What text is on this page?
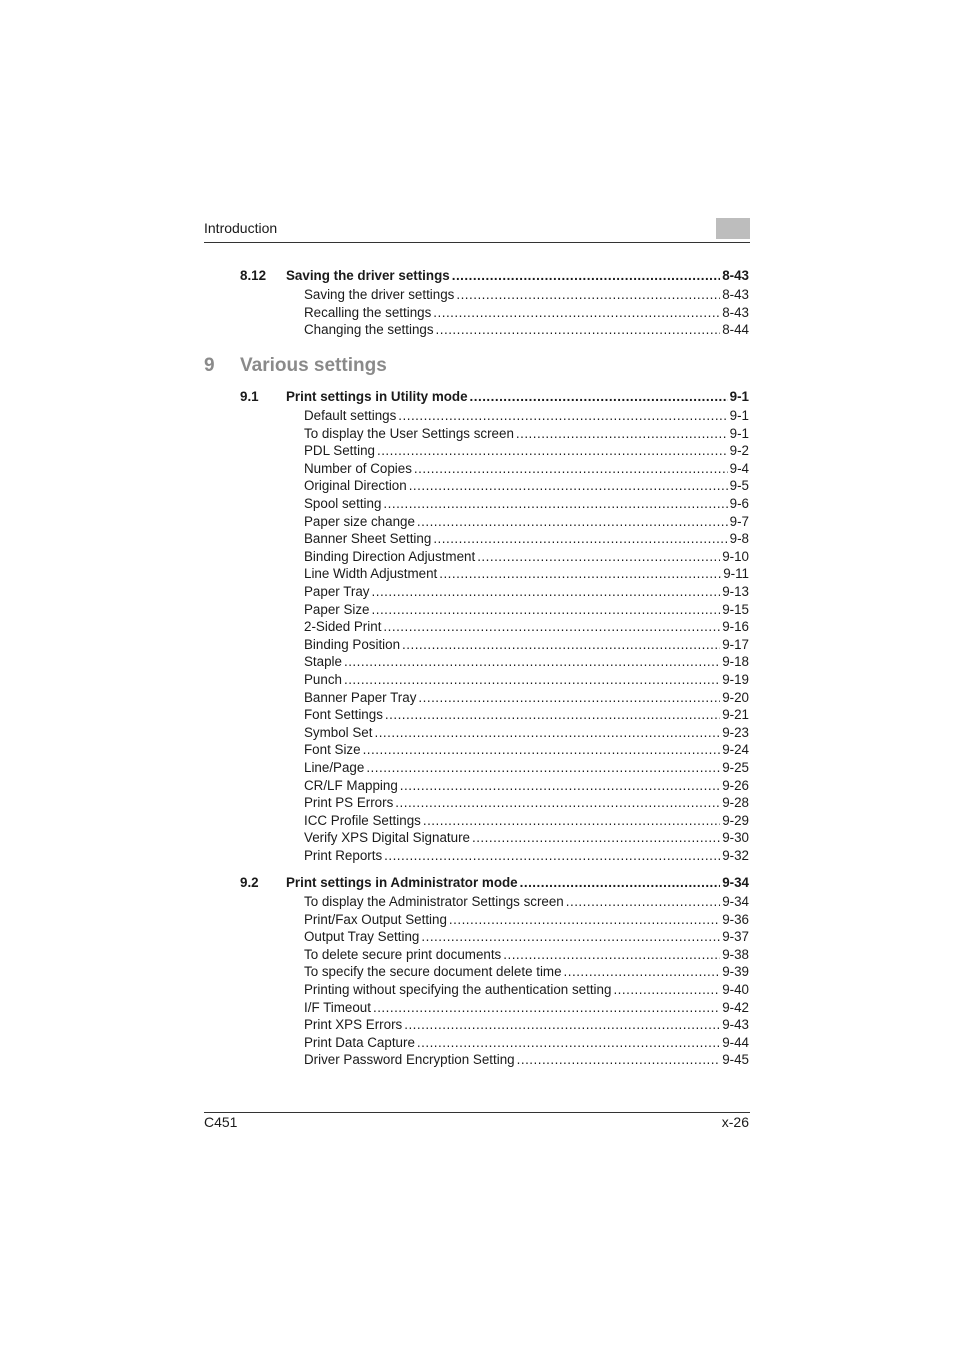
Introduction
9 Various settings
8.12 Saving the driver settings .....	8-43
Saving the driver settings .....	8-43
Recalling the settings .....	8-43
Changing the settings .....	8-44
9.1 Print settings in Utility mode .....	9-1
Default settings .....	9-1
To display the User Settings screen .....	9-1
PDL Setting .....	9-2
Number of Copies .....	9-4
Original Direction .....	9-5
Spool setting .....	9-6
Paper size change .....	9-7
Banner Sheet Setting .....	9-8
Binding Direction Adjustment .....	9-10
Line Width Adjustment .....	9-11
Paper Tray .....	9-13
Paper Size .....	9-15
2-Sided Print .....	9-16
Binding Position .....	9-17
Staple .....	9-18
Punch .....	9-19
Banner Paper Tray .....	9-20
Font Settings .....	9-21
Symbol Set .....	9-23
Font Size .....	9-24
Line/Page .....	9-25
CR/LF Mapping .....	9-26
Print PS Errors .....	9-28
ICC Profile Settings .....	9-29
Verify XPS Digital Signature .....	9-30
Print Reports .....	9-32
9.2 Print settings in Administrator mode .....	9-34
To display the Administrator Settings screen .....	9-34
Print/Fax Output Setting .....	9-36
Output Tray Setting .....	9-37
To delete secure print documents .....	9-38
To specify the secure document delete time .....	9-39
Printing without specifying the authentication setting .....	9-40
I/F Timeout .....	9-42
Print XPS Errors .....	9-43
Print Data Capture .....	9-44
Driver Password Encryption Setting .....	9-45
C451	x-26
